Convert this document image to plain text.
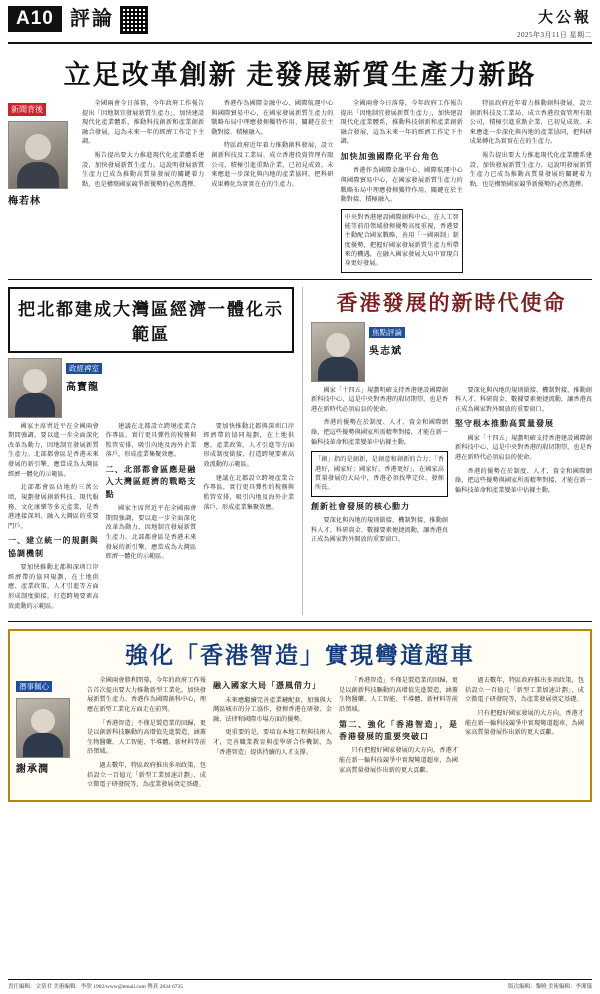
A10 評論	大公報
2025年3月11日 星期二
立足改革創新 走發展新質生產力新路
新聞背後
梅若林

全國兩會今日落幕，今年政府工作報告提出「因地制宜發展新質生產力」，加快建設現代化產業體系，推動科技創新和產業創新融合發展，這為未來一年的經濟工作定下主調。

報告提出要大力推進現代化產業體系建設，加快發展新質生產力。這說明發展新質生產力已成為推動高質量發展的關鍵着力點，也是構築國家競爭新優勢的必然選擇。

香港作為國際金融中心、國際航運中心與國際貿易中心，在國家發展新質生產力的戰略布局中理應發揮獨特作用，關鍵在於主動對接、積極融入。

特區政府近年着力推動創科發展，設立創新科技及工業局、成立香港投資管理有限公司，積極引進重點企業，已初見成效。未來應進一步深化與內地的產業協同，把科研成果轉化為實實在在的生產力。

全國兩會今日落幕，今年政府工作報告提出「因地制宜發展新質生產力」，加快建設現代化產業體系，推動科技創新和產業創新融合發展，這為未來一年的經濟工作定下主調。

加快加強國際化平台角色

香港作為國際金融中心、國際航運中心與國際貿易中心，在國家發展新質生產力的戰略布局中理應發揮獨特作用，關鍵在於主動對接、積極融入。

中央對香港建設國際創科中心、在人工智能等前沿領域發揮優勢高度重視，香港要主動配合國家戰略，善用「一國兩制」制度優勢，把握好國家發展新質生產力所帶來的機遇，在融入國家發展大局中實現自身更好發展。

特區政府近年着力推動創科發展，設立創新科技及工業局、成立香港投資管理有限公司，積極引進重點企業，已初見成效。未來應進一步深化與內地的產業協同，把科研成果轉化為實實在在的生產力。

報告提出要大力推進現代化產業體系建設，加快發展新質生產力。這說明發展新質生產力已成為推動高質量發展的關鍵着力點，也是構築國家競爭新優勢的必然選擇。

把北都建成大灣區經濟一體化示範區
政經裨室
高寶龍

國家主席習近平在全國兩會期間強調，要以進一步全面深化改革為動力，因地制宜發展新質生產力。北部都會區是香港未來發展的新引擎，應當成為大灣區經濟一體化的示範區。

北部都會區佔地約三萬公頃，規劃發展創新科技、現代服務、文化康樂等多元產業，是香港連接深圳、融入大灣區的重要門戶。

一、建立統一的規劃與協調機制

要加快推動北都與深圳口岸經濟帶的協同規劃，在土地供應、產業政策、人才引進等方面形成制度銜接，打造跨境要素高效流動的示範區。

建議在北都設立跨境產業合作專區，實行更具彈性的稅務與監管安排，吸引內地及海外企業落戶，形成產業集聚效應。

二、北部都會區應是融入大灣區經濟的戰略支點

國家主席習近平在全國兩會期間強調，要以進一步全面深化改革為動力，因地制宜發展新質生產力。北部都會區是香港未來發展的新引擎，應當成為大灣區經濟一體化的示範區。

要加快推動北都與深圳口岸經濟帶的協同規劃，在土地供應、產業政策、人才引進等方面形成制度銜接，打造跨境要素高效流動的示範區。

建議在北都設立跨境產業合作專區，實行更具彈性的稅務與監管安排，吸引內地及海外企業落戶，形成產業集聚效應。

香港發展的新時代使命
焦點評論
吳志斌

國家「十四五」規劃明確支持香港建設國際創新科技中心，這是中央對香港的殷切期望，也是香港在新時代必須肩負的使命。

香港的優勢在於制度、人才、資金和國際網絡，把這些優勢與國家所需精準對接，才能在新一輪科技革命和產業變革中佔據主動。

「創」指的是創新，是創意和創新的合力；「香港好，國家好；國家好，香港更好」，在國家高質量發展的大局中，香港必須找準定位、發揮所長。
創新社會發展的核心動力

要深化與內地的規則銜接、機制對接，推動創科人才、科研資金、數據要素便捷流動，讓香港真正成為國家對外開放的重要窗口。

要深化與內地的規則銜接、機制對接，推動創科人才、科研資金、數據要素便捷流動，讓香港真正成為國家對外開放的重要窗口。

堅守根本推動高質量發展

國家「十四五」規劃明確支持香港建設國際創新科技中心，這是中央對香港的殷切期望，也是香港在新時代必須肩負的使命。

香港的優勢在於制度、人才、資金和國際網絡，把這些優勢與國家所需精準對接，才能在新一輪科技革命和產業變革中佔據主動。

強化「香港智造」實現彎道超車
潛事佩心
謝承潤

全國兩會勝利閉幕，今年的政府工作報告首次提出要大力推動新型工業化，加快發展新質生產力。香港作為國際創科中心，理應在新型工業化方面走在前列。

「香港智造」不僅是製造業的回歸，更是以創新科技驅動的高增值先進製造，涵蓋生物醫藥、人工智能、半導體、新材料等前沿領域。

過去數年，特區政府推出多項政策，包括設立一百億元「新型工業加速計劃」、成立微電子研發院等，為產業發展奠定基礎。

融入國家大局「憑風借力」

未來應繼續完善產業鏈配套，加強與大灣區城市的分工協作，發揮香港在研發、金融、法律和國際市場方面的優勢。

更重要的是，要培育本地工程與技術人才，完善職業教育與產學研合作機制，為「香港智造」提供持續的人才支撐。

「香港智造」不僅是製造業的回歸，更是以創新科技驅動的高增值先進製造，涵蓋生物醫藥、人工智能、半導體、新材料等前沿領域。

第二、強化「香港智造」，是香港發展的重要突破口

只有把握好國家發展的大方向，香港才能在新一輪科技競爭中實現彎道超車，為國家高質量發展作出新的更大貢獻。

過去數年，特區政府推出多項政策，包括設立一百億元「新型工業加速計劃」、成立微電子研發院等，為產業發展奠定基礎。

只有把握好國家發展的大方向，香港才能在新一輪科技競爭中實現彎道超車，為國家高質量發展作出新的更大貢獻。

責任編輯：文倩君 美術編輯：李欣 1902/www@email.com 傳真 2834 6735	版次編輯：黎曉 美術編輯：李潔儀
